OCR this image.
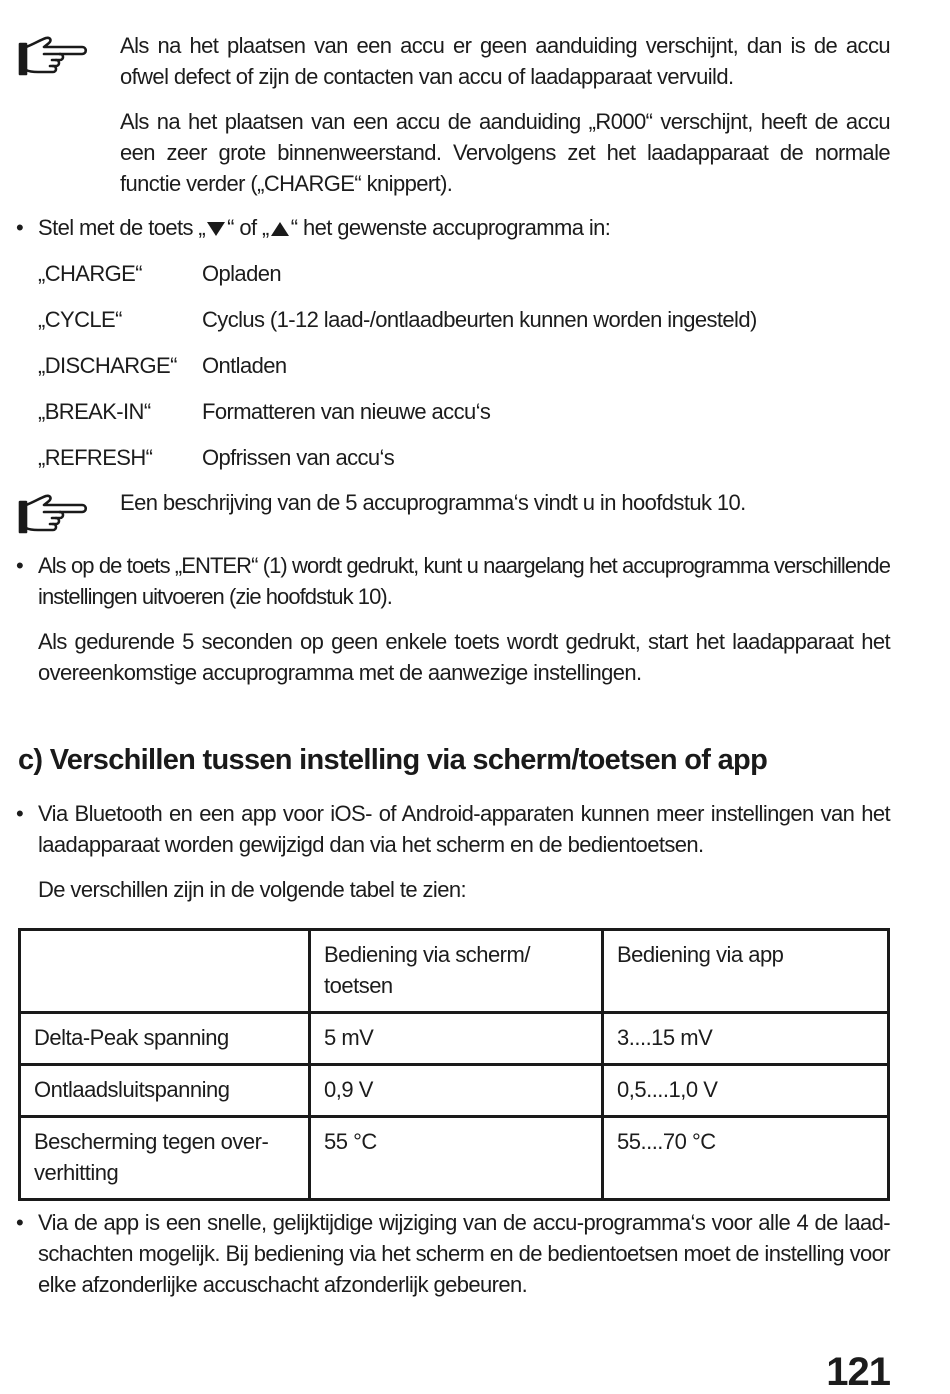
Als na het plaatsen van een accu er geen aanduiding verschijnt, dan is de accu ofwel defect of zijn de contacten van accu of laadapparaat vervuild.

Als na het plaatsen van een accu de aanduiding „R000“ verschijnt, heeft de accu een zeer grote binnenweerstand. Vervolgens zet het laadapparaat de normale functie verder („CHARGE“ knippert).

• Stel met de toets „ “ of „ “ het gewenste accuprogramma in:

„CHARGE“	Opladen
„CYCLE“	Cyclus (1-12 laad-/ontlaadbeurten kunnen worden ingesteld)
„DISCHARGE“ Ontladen
„BREAK-IN“ Formatteren van nieuwe accu‘s
„REFRESH“ Opfrissen van accu‘s

Een beschrijving van de 5 accuprogramma‘s vindt u in hoofdstuk 10.

• Als op de toets „ENTER“ (1) wordt gedrukt, kunt u naargelang het accuprogramma verschillende instellingen uitvoeren (zie hoofdstuk 10).

Als gedurende 5 seconden op geen enkele toets wordt gedrukt, start het laadapparaat het overeenkomstige accuprogramma met de aanwezige instellingen.

c) Verschillen tussen instelling via scherm/toetsen of app

• Via Bluetooth en een app voor iOS- of Android-apparaten kunnen meer instellingen van het laadapparaat worden gewijzigd dan via het scherm en de bedientoetsen.

De verschillen zijn in de volgende tabel te zien:

	Bediening via scherm/ toetsen	Bediening via app
Delta-Peak spanning	5 mV	3....15 mV
Ontlaadsluitspanning	0,9 V	0,5....1,0 V
Bescherming tegen over-verhitting	55 °C	55....70 °C

• Via de app is een snelle, gelijktijdige wijziging van de accu-programma‘s voor alle 4 de laad-schachten mogelijk. Bij bediening via het scherm en de bedientoetsen moet de instelling voor elke afzonderlijke accuschacht afzonderlijk gebeuren.

121
